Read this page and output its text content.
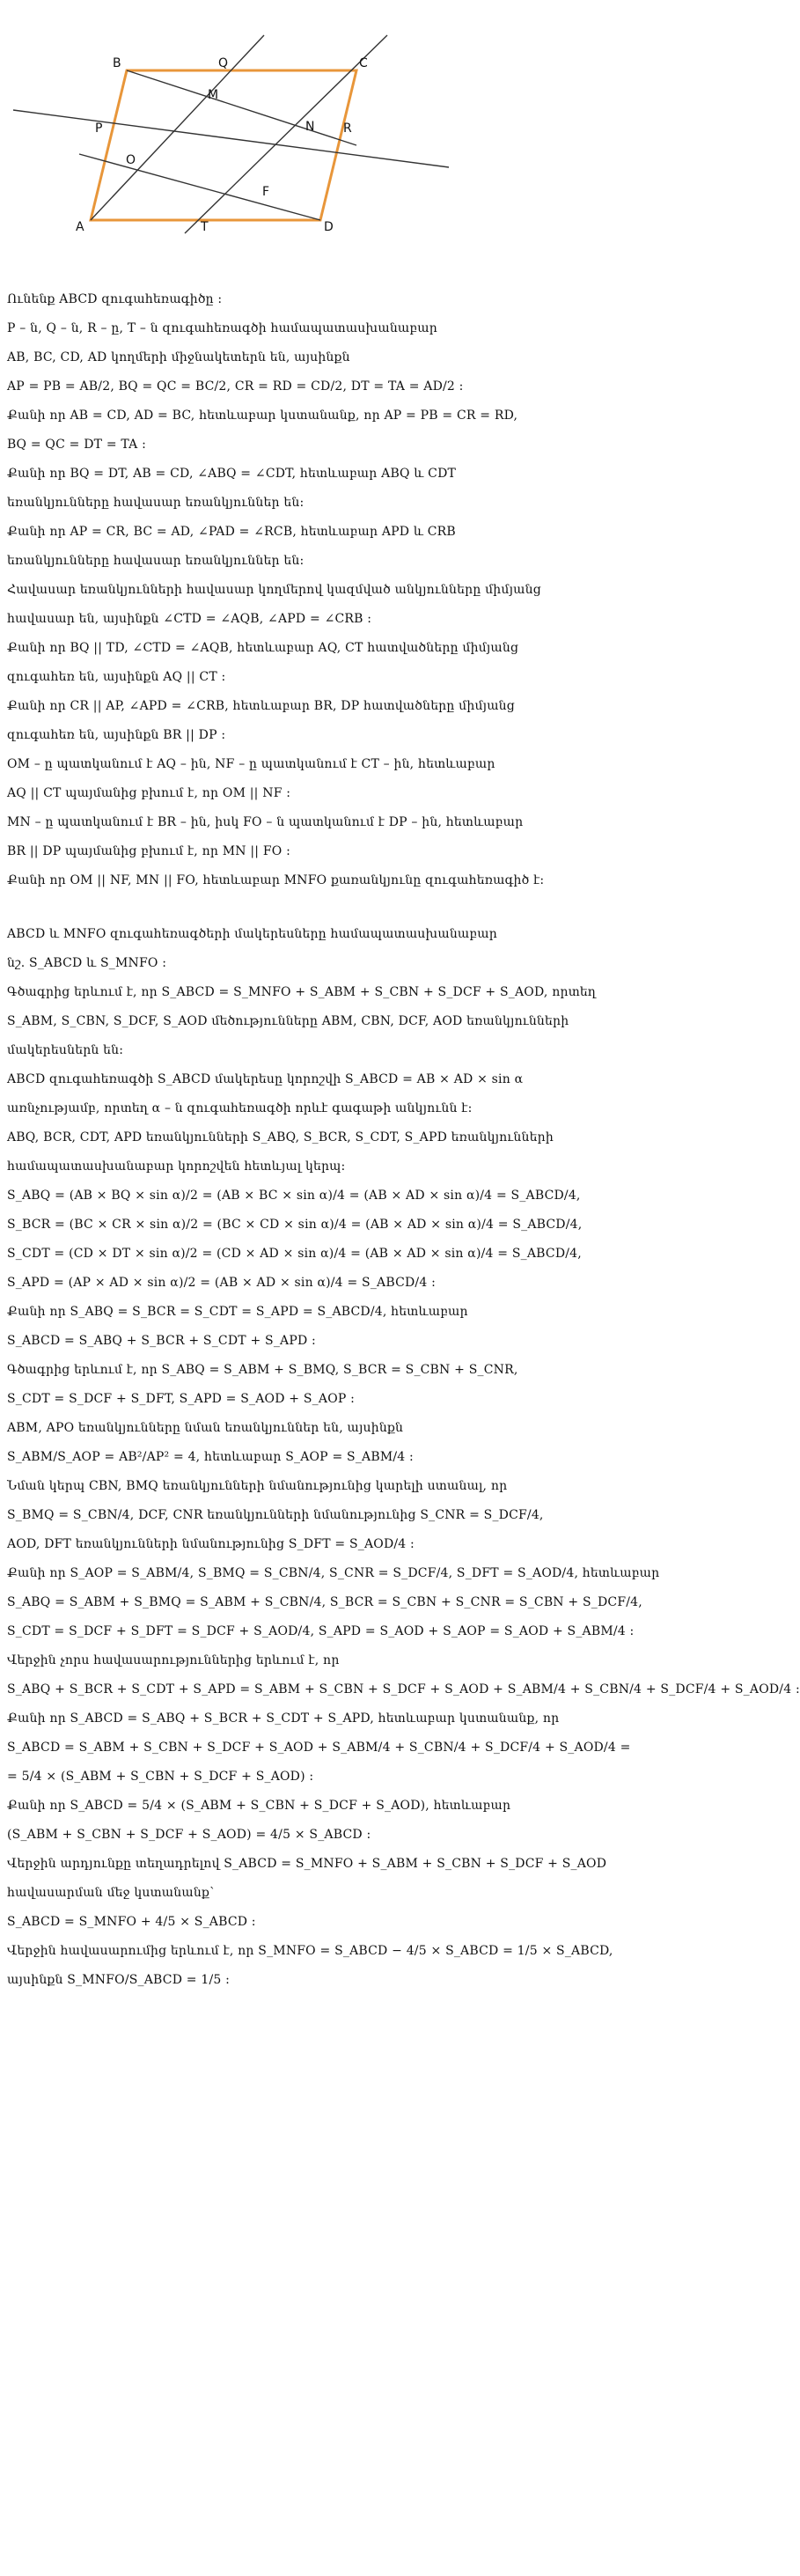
B	Q	C
M
P	N R
O
F
A	T	D
Ունենք ABCD զուգահեռագիծը :
P – ն, Q – ն, R – ը, T – ն զուգահեռագծի համապատասխանաբար
AB, BC, CD, AD կողմերի միջնակետերն են, այսինքն
AP = PB = AB/2, BQ = QC = BC/2, CR = RD = CD/2, DT = TA = AD/2 :
Քանի որ AB = CD, AD = BC, հետևաբար կստանանք, որ AP = PB = CR = RD,
BQ = QC = DT = TA :
Քանի որ BQ = DT, AB = CD, ∠ABQ = ∠CDT, հետևաբար ABQ և CDT
եռանկյունները հավասար եռանկյուններ են:
Քանի որ AP = CR, BC = AD, ∠PAD = ∠RCB, հետևաբար APD և CRB
եռանկյունները հավասար եռանկյուններ են:
Հավասար եռանկյունների հավասար կողմերով կազմված անկյունները միմյանց
հավասար են, այսինքն ∠CTD = ∠AQB, ∠APD = ∠CRB :
Քանի որ BQ || TD, ∠CTD = ∠AQB, հետևաբար AQ, CT հատվածները միմյանց
զուգահեռ են, այսինքն AQ || CT :
Քանի որ CR || AP, ∠APD = ∠CRB, հետևաբար BR, DP հատվածները միմյանց
զուգահեռ են, այսինքն BR || DP :
OM – ը պատկանում է AQ – ին, NF – ը պատկանում է CT – ին, հետևաբար
AQ || CT պայմանից բխում է, որ OM || NF :
MN – ը պատկանում է BR – ին, իսկ FO – ն պատկանում է DP – ին, հետևաբար
BR || DP պայմանից բխում է, որ MN || FO :
Քանի որ OM || NF, MN || FO, հետևաբար MNFO քառանկյունը զուգահեռագիծ է:
ABCD և MNFO զուգահեռագծերի մակերեսները համապատասխանաբար
նշ. S_ABCD և S_MNFO :
Գծագրից երևում է, որ S_ABCD = S_MNFO + S_ABM + S_CBN + S_DCF + S_AOD, որտեղ
S_ABM, S_CBN, S_DCF, S_AOD մեծությունները ABM, CBN, DCF, AOD եռանկյունների
մակերեսներն են:
ABCD զուգահեռագծի S_ABCD մակերեսը կորոշվի S_ABCD = AB × AD × sin α
առնչությամբ, որտեղ α – ն զուգահեռագծի որևէ գագաթի անկյունն է:
ABQ, BCR, CDT, APD եռանկյունների S_ABQ, S_BCR, S_CDT, S_APD եռանկյունների
համապատասխանաբար կորոշվեն հետևյալ կերպ:
S_ABQ = (AB × BQ × sin α)/2 = (AB × BC × sin α)/4 = (AB × AD × sin α)/4 = S_ABCD/4,
S_BCR = (BC × CR × sin α)/2 = (BC × CD × sin α)/4 = (AB × AD × sin α)/4 = S_ABCD/4,
S_CDT = (CD × DT × sin α)/2 = (CD × AD × sin α)/4 = (AB × AD × sin α)/4 = S_ABCD/4,
S_APD = (AP × AD × sin α)/2 = (AB × AD × sin α)/4 = S_ABCD/4 :
Քանի որ S_ABQ = S_BCR = S_CDT = S_APD = S_ABCD/4, հետևաբար
S_ABCD = S_ABQ + S_BCR + S_CDT + S_APD :
Գծագրից երևում է, որ S_ABQ = S_ABM + S_BMQ, S_BCR = S_CBN + S_CNR,
S_CDT = S_DCF + S_DFT, S_APD = S_AOD + S_AOP :
ABM, APO եռանկյունները նման եռանկյուններ են, այսինքն
S_ABM/S_AOP = AB²/AP² = 4, հետևաբար S_AOP = S_ABM/4 :
Նման կերպ CBN, BMQ եռանկյունների նմանությունից կարելի ստանալ, որ
S_BMQ = S_CBN/4, DCF, CNR եռանկյունների նմանությունից S_CNR = S_DCF/4,
AOD, DFT եռանկյունների նմանությունից S_DFT = S_AOD/4 :
Քանի որ S_AOP = S_ABM/4, S_BMQ = S_CBN/4, S_CNR = S_DCF/4, S_DFT = S_AOD/4, հետևաբար
S_ABQ = S_ABM + S_BMQ = S_ABM + S_CBN/4, S_BCR = S_CBN + S_CNR = S_CBN + S_DCF/4,
S_CDT = S_DCF + S_DFT = S_DCF + S_AOD/4, S_APD = S_AOD + S_AOP = S_AOD + S_ABM/4 :
Վերջին չորս հավասարություններից երևում է, որ
S_ABQ + S_BCR + S_CDT + S_APD = S_ABM + S_CBN + S_DCF + S_AOD + S_ABM/4 + S_CBN/4 + S_DCF/4 + S_AOD/4 :
Քանի որ S_ABCD = S_ABQ + S_BCR + S_CDT + S_APD, հետևաբար կստանանք, որ
S_ABCD = S_ABM + S_CBN + S_DCF + S_AOD + S_ABM/4 + S_CBN/4 + S_DCF/4 + S_AOD/4 =
= 5/4 × (S_ABM + S_CBN + S_DCF + S_AOD) :
Քանի որ S_ABCD = 5/4 × (S_ABM + S_CBN + S_DCF + S_AOD), հետևաբար
(S_ABM + S_CBN + S_DCF + S_AOD) = 4/5 × S_ABCD :
Վերջին արդյունքը տեղադրելով S_ABCD = S_MNFO + S_ABM + S_CBN + S_DCF + S_AOD
հավասարման մեջ կստանանք`
S_ABCD = S_MNFO + 4/5 × S_ABCD :
Վերջին հավասարումից երևում է, որ S_MNFO = S_ABCD − 4/5 × S_ABCD = 1/5 × S_ABCD,
այսինքն S_MNFO/S_ABCD = 1/5 :
